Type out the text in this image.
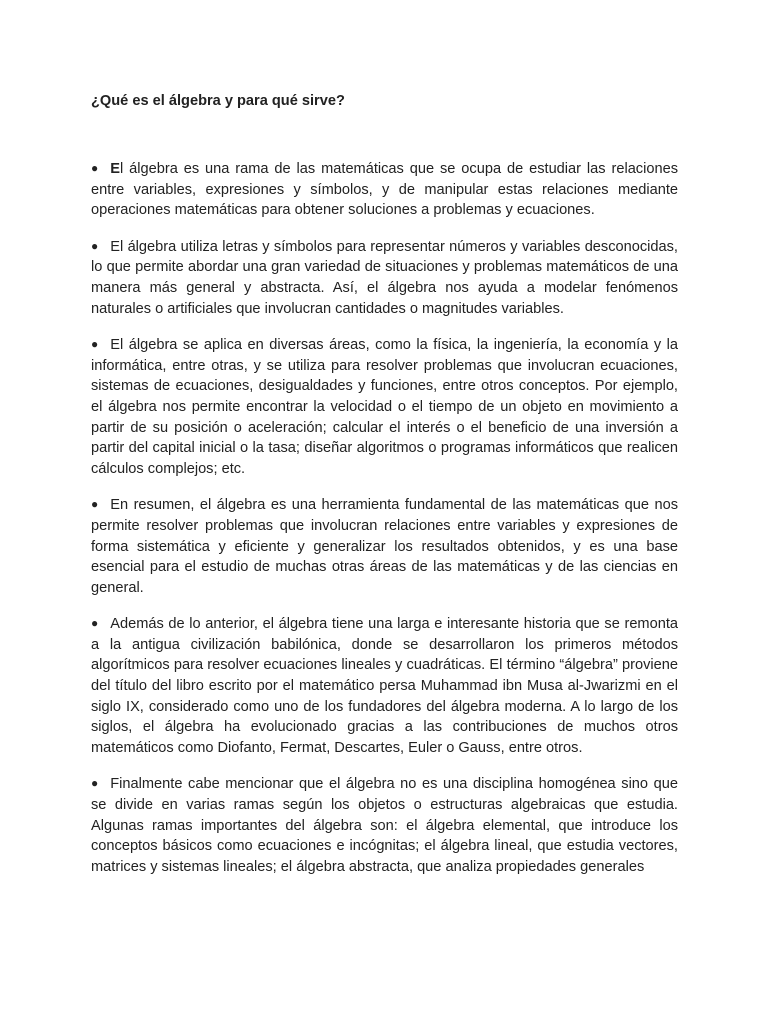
¿Qué es el álgebra y para qué sirve?

● El álgebra es una rama de las matemáticas que se ocupa de estudiar las relaciones entre variables, expresiones y símbolos, y de manipular estas relaciones mediante operaciones matemáticas para obtener soluciones a problemas y ecuaciones.

● El álgebra utiliza letras y símbolos para representar números y variables desconocidas, lo que permite abordar una gran variedad de situaciones y problemas matemáticos de una manera más general y abstracta. Así, el álgebra nos ayuda a modelar fenómenos naturales o artificiales que involucran cantidades o magnitudes variables.

● El álgebra se aplica en diversas áreas, como la física, la ingeniería, la economía y la informática, entre otras, y se utiliza para resolver problemas que involucran ecuaciones, sistemas de ecuaciones, desigualdades y funciones, entre otros conceptos. Por ejemplo, el álgebra nos permite encontrar la velocidad o el tiempo de un objeto en movimiento a partir de su posición o aceleración; calcular el interés o el beneficio de una inversión a partir del capital inicial o la tasa; diseñar algoritmos o programas informáticos que realicen cálculos complejos; etc.

● En resumen, el álgebra es una herramienta fundamental de las matemáticas que nos permite resolver problemas que involucran relaciones entre variables y expresiones de forma sistemática y eficiente y generalizar los resultados obtenidos, y es una base esencial para el estudio de muchas otras áreas de las matemáticas y de las ciencias en general.

● Además de lo anterior, el álgebra tiene una larga e interesante historia que se remonta a la antigua civilización babilónica, donde se desarrollaron los primeros métodos algorítmicos para resolver ecuaciones lineales y cuadráticas. El término “álgebra” proviene del título del libro escrito por el matemático persa Muhammad ibn Musa al-Jwarizmi en el siglo IX, considerado como uno de los fundadores del álgebra moderna. A lo largo de los siglos, el álgebra ha evolucionado gracias a las contribuciones de muchos otros matemáticos como Diofanto, Fermat, Descartes, Euler o Gauss, entre otros.

● Finalmente cabe mencionar que el álgebra no es una disciplina homogénea sino que se divide en varias ramas según los objetos o estructuras algebraicas que estudia. Algunas ramas importantes del álgebra son: el álgebra elemental, que introduce los conceptos básicos como ecuaciones e incógnitas; el álgebra lineal, que estudia vectores, matrices y sistemas lineales; el álgebra abstracta, que analiza propiedades generales
